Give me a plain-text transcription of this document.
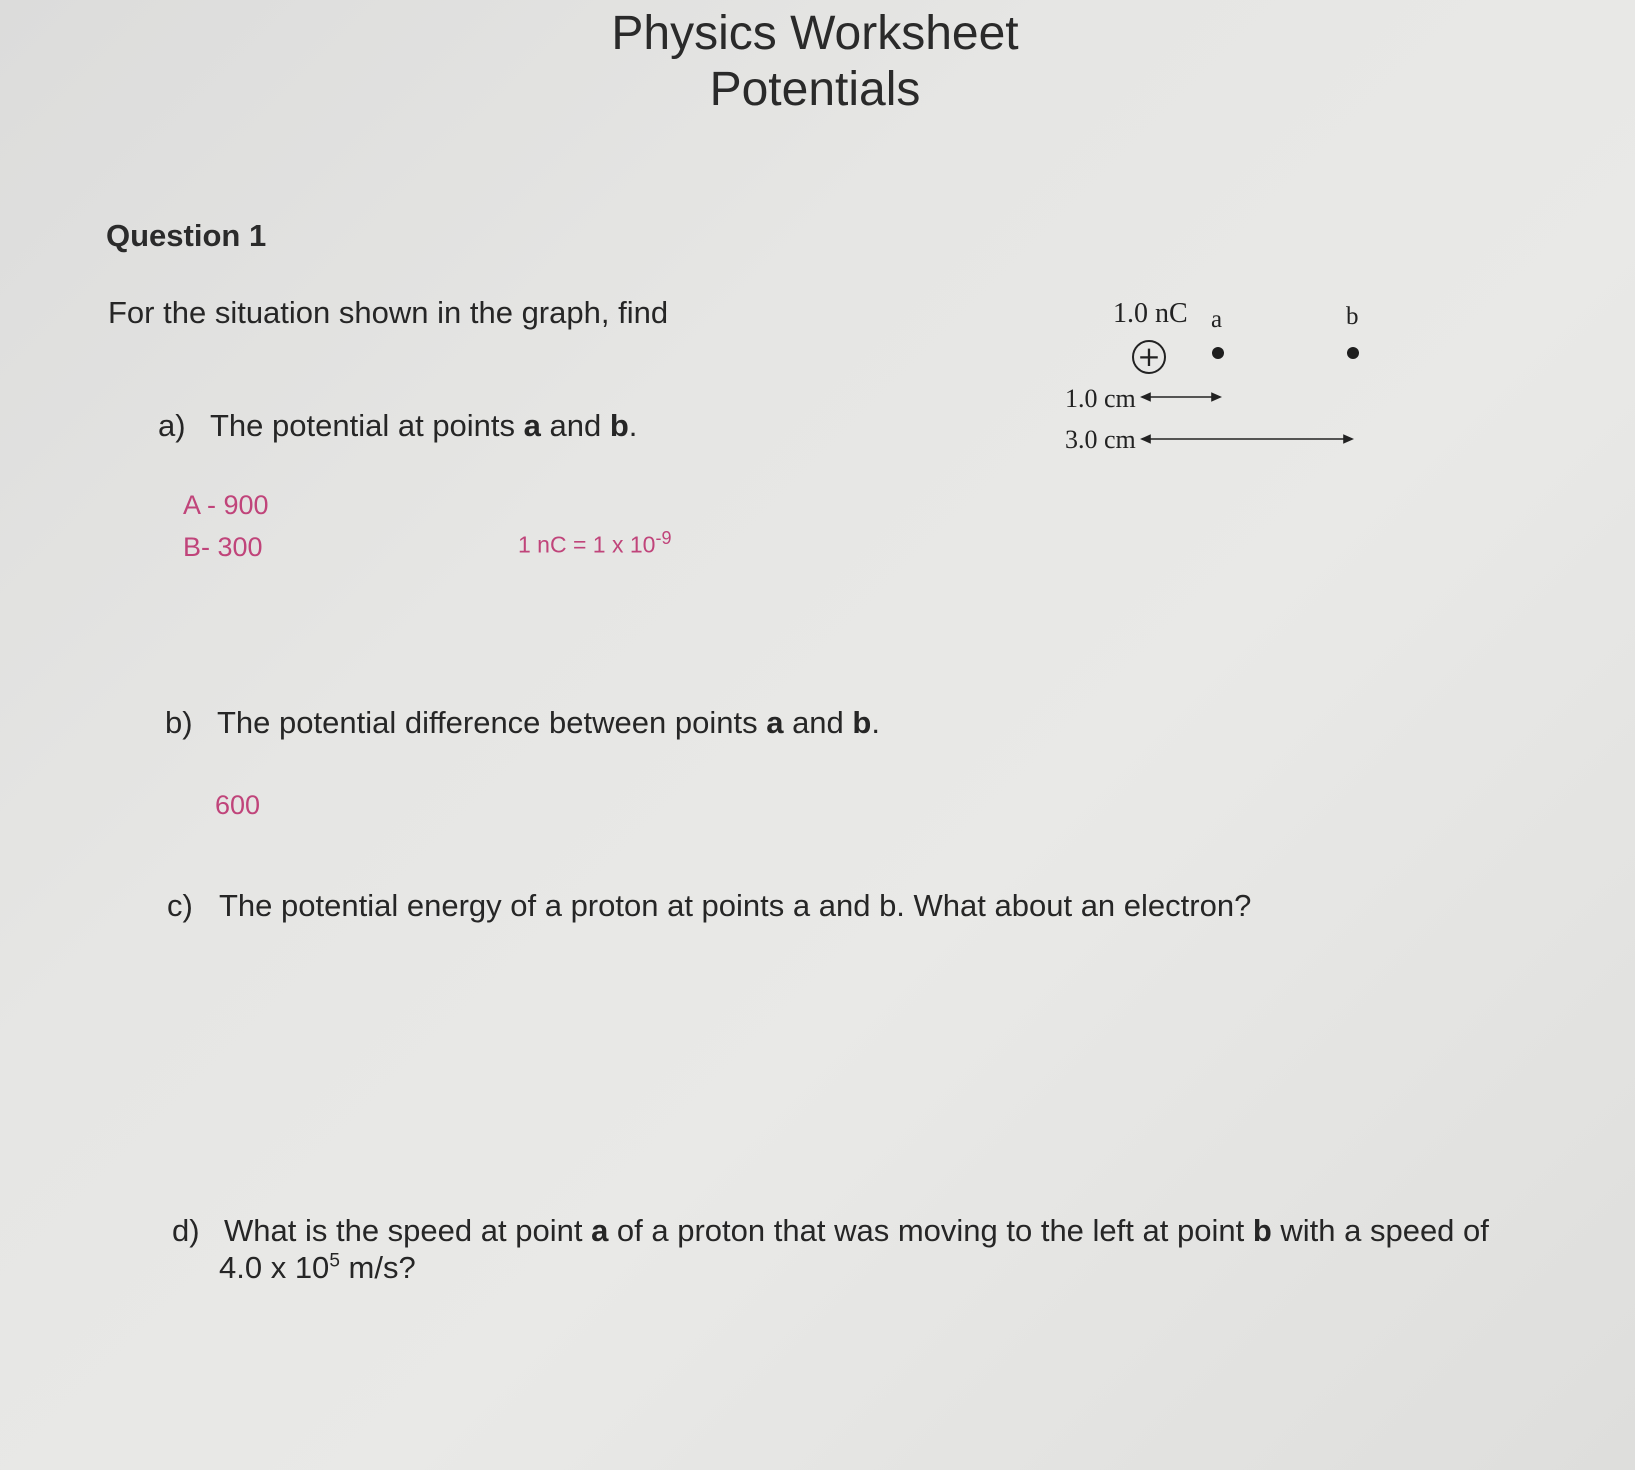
Physics Worksheet
Potentials
Question 1
For the situation shown in the graph, find
a) The potential at points a and b.
A - 900
B- 300	1 nC = 1 x $10^{-9}$
b) The potential difference between points a and b.
600
c) The potential energy of a proton at points a and b. What about an electron?
d) What is the speed at point a of a proton that was moving to the left at point b with a speed of
4.0 x $10^5$ m/s?
1.0 nC a	b
+
1.0 cm
3.0 cm
